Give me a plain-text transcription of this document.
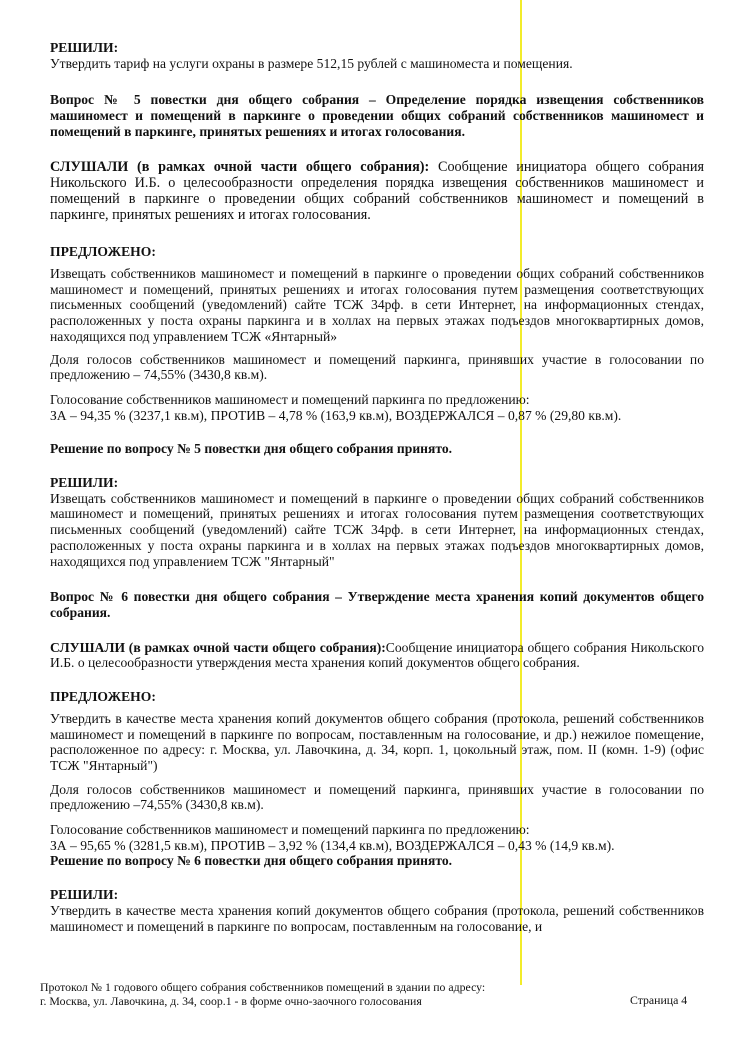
РЕШИЛИ:

Утвердить тариф на услуги охраны в размере 512,15 рублей с машиноместа и помещения.

Вопрос № 5 повестки дня общего собрания – Определение порядка извещения собственников машиномест и помещений в паркинге о проведении общих собраний собственников машиномест и помещений в паркинге, принятых решениях и итогах голосования.

СЛУШАЛИ (в рамках очной части общего собрания): Сообщение инициатора общего собрания Никольского И.Б. о целесообразности определения порядка извещения собственников машиномест и помещений в паркинге о проведении общих собраний собственников машиномест и помещений в паркинге, принятых решениях и итогах голосования.

ПРЕДЛОЖЕНО:

Извещать собственников машиномест и помещений в паркинге о проведении общих собраний собственников машиномест и помещений, принятых решениях и итогах голосования путем размещения соответствующих письменных сообщений (уведомлений) сайте ТСЖ 34рф. в сети Интернет, на информационных стендах, расположенных у поста охраны паркинга и в холлах на первых этажах подъездов многоквартирных домов, находящихся под управлением ТСЖ «Янтарный»

Доля голосов собственников машиномест и помещений паркинга, принявших участие в голосовании по предложению – 74,55% (3430,8 кв.м).

Голосование собственников машиномест и помещений паркинга по предложению:

ЗА – 94,35 % (3237,1 кв.м), ПРОТИВ – 4,78 % (163,9 кв.м), ВОЗДЕРЖАЛСЯ – 0,87 % (29,80 кв.м).

Решение по вопросу № 5 повестки дня общего собрания принято.

РЕШИЛИ:

Извещать собственников машиномест и помещений в паркинге о проведении общих собраний собственников машиномест и помещений, принятых решениях и итогах голосования путем размещения соответствующих письменных сообщений (уведомлений) сайте ТСЖ 34рф. в сети Интернет, на информационных стендах, расположенных у поста охраны паркинга и в холлах на первых этажах подъездов многоквартирных домов, находящихся под управлением ТСЖ "Янтарный"

Вопрос № 6 повестки дня общего собрания – Утверждение места хранения копий документов общего собрания.

СЛУШАЛИ (в рамках очной части общего собрания):Сообщение инициатора общего собрания Никольского И.Б. о целесообразности утверждения места хранения копий документов общего собрания.

ПРЕДЛОЖЕНО:

Утвердить в качестве места хранения копий документов общего собрания (протокола, решений собственников машиномест и помещений в паркинге по вопросам, поставленным на голосование, и др.) нежилое помещение, расположенное по адресу: г. Москва, ул. Лавочкина, д. 34, корп. 1, цокольный этаж, пом. II (комн. 1-9) (офис ТСЖ "Янтарный")

Доля голосов собственников машиномест и помещений паркинга, принявших участие в голосовании по предложению –74,55% (3430,8 кв.м).

Голосование собственников машиномест и помещений паркинга по предложению:

ЗА – 95,65 % (3281,5 кв.м), ПРОТИВ – 3,92 % (134,4 кв.м), ВОЗДЕРЖАЛСЯ – 0,43 % (14,9 кв.м).

Решение по вопросу № 6 повестки дня общего собрания принято.

РЕШИЛИ:

Утвердить в качестве места хранения копий документов общего собрания (протокола, решений собственников машиномест и помещений в паркинге по вопросам, поставленным на голосование, и

Протокол № 1 годового общего собрания собственников помещений в здании по адресу:
г. Москва, ул. Лавочкина, д. 34, соор.1 - в форме очно-заочного голосования	Страница 4
